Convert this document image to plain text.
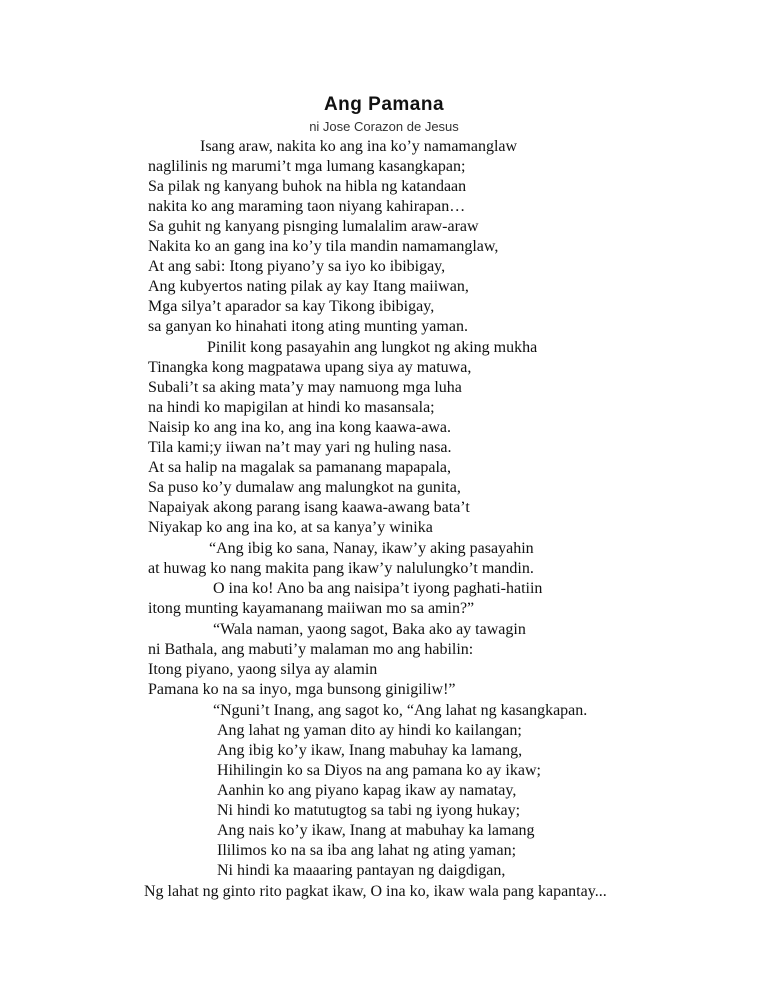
Ang Pamana
ni Jose Corazon de Jesus
Isang araw, nakita ko ang ina ko’y namamanglaw
naglilinis ng marumi’t mga lumang kasangkapan;
Sa pilak ng kanyang buhok na hibla ng katandaan
nakita ko ang maraming taon niyang kahirapan…
Sa guhit ng kanyang pisnging lumalalim araw-araw
Nakita ko an gang ina ko’y tila mandin namamanglaw,
At ang sabi: Itong piyano’y sa iyo ko ibibigay,
Ang kubyertos nating pilak ay kay Itang maiiwan,
Mga silya’t aparador sa kay Tikong ibibigay,
sa ganyan ko hinahati itong ating munting yaman.
Pinilit kong pasayahin ang lungkot ng aking mukha
Tinangka kong magpatawa upang siya ay matuwa,
Subali’t sa aking mata’y may namuong mga luha
na hindi ko mapigilan at hindi ko masansala;
Naisip ko ang ina ko, ang ina kong kaawa-awa.
Tila kami;y iiwan na’t may yari ng huling nasa.
At sa halip na magalak sa pamanang mapapala,
Sa puso ko’y dumalaw ang malungkot na gunita,
Napaiyak akong parang isang kaawa-awang bata’t
Niyakap ko ang ina ko, at sa kanya’y winika
“Ang ibig ko sana, Nanay, ikaw’y aking pasayahin
at huwag ko nang makita pang ikaw’y nalulungko’t mandin.
O ina ko! Ano ba ang naisipa’t iyong paghati-hatiin
itong munting kayamanang maiiwan mo sa amin?”
“Wala naman, yaong sagot, Baka ako ay tawagin
ni Bathala, ang mabuti’y malaman mo ang habilin:
Itong piyano, yaong silya ay alamin
Pamana ko na sa inyo, mga bunsong ginigiliw!”
“Nguni’t Inang, ang sagot ko, “Ang lahat ng kasangkapan.
Ang lahat ng yaman dito ay hindi ko kailangan;
Ang ibig ko’y ikaw, Inang mabuhay ka lamang,
Hihilingin ko sa Diyos na ang pamana ko ay ikaw;
Aanhin ko ang piyano kapag ikaw ay namatay,
Ni hindi ko matutugtog sa tabi ng iyong hukay;
Ang nais ko’y ikaw, Inang at mabuhay ka lamang
Ililimos ko na sa iba ang lahat ng ating yaman;
Ni hindi ka maaaring pantayan ng daigdigan,
Ng lahat ng ginto rito pagkat ikaw, O ina ko, ikaw wala pang kapantay...
